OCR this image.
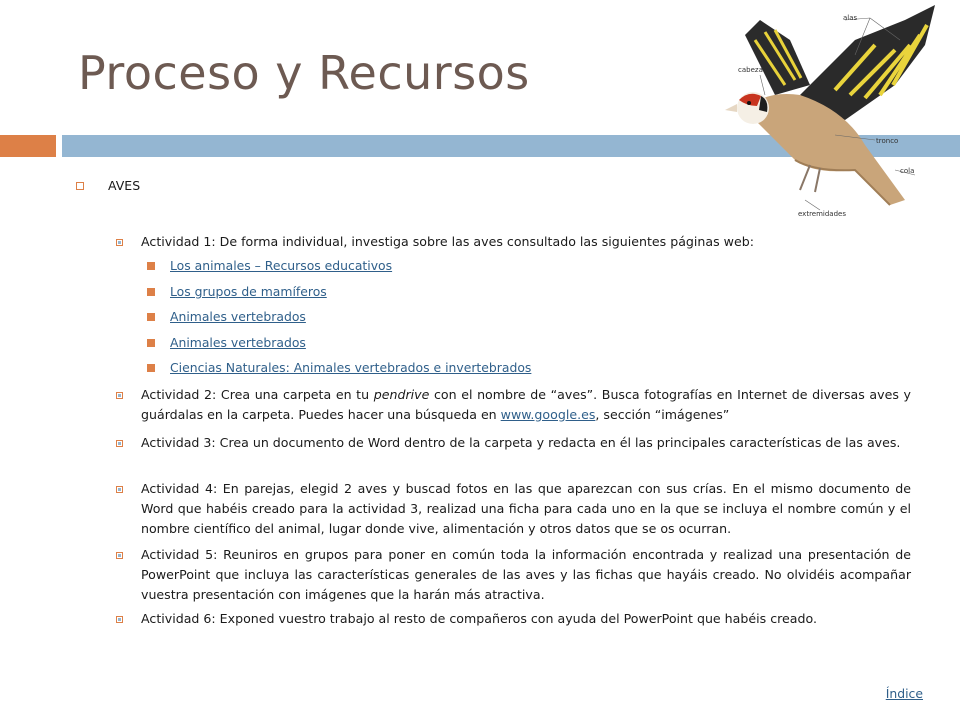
Proceso y Recursos
alas
cabeza
tronco
cola
extremidades
AVES
Actividad 1: De forma individual, investiga sobre las aves consultado las siguientes páginas web:
Los animales – Recursos educativos
Los grupos de mamíferos
Animales vertebrados
Animales vertebrados
Ciencias Naturales: Animales vertebrados e invertebrados
Actividad 2: Crea una carpeta en tu pendrive con el nombre de “aves”. Busca fotografías en Internet de diversas aves y guárdalas en la carpeta. Puedes hacer una búsqueda en www.google.es, sección “imágenes”
Actividad 3: Crea un documento de Word dentro de la carpeta y redacta en él las principales características de las aves.
Actividad 4: En parejas, elegid 2 aves y buscad fotos en las que aparezcan con sus crías. En el mismo documento de Word que habéis creado para la actividad 3, realizad una ficha para cada uno en la que se incluya el nombre común y el nombre científico del animal, lugar donde vive, alimentación y otros datos que se os ocurran.
Actividad 5: Reuniros en grupos para poner en común toda la información encontrada y realizad una presentación de PowerPoint que incluya las características generales de las aves y las fichas que hayáis creado. No olvidéis acompañar vuestra presentación con imágenes que la harán más atractiva.
Actividad 6: Exponed vuestro trabajo al resto de compañeros con ayuda del PowerPoint que habéis creado.
Índice
